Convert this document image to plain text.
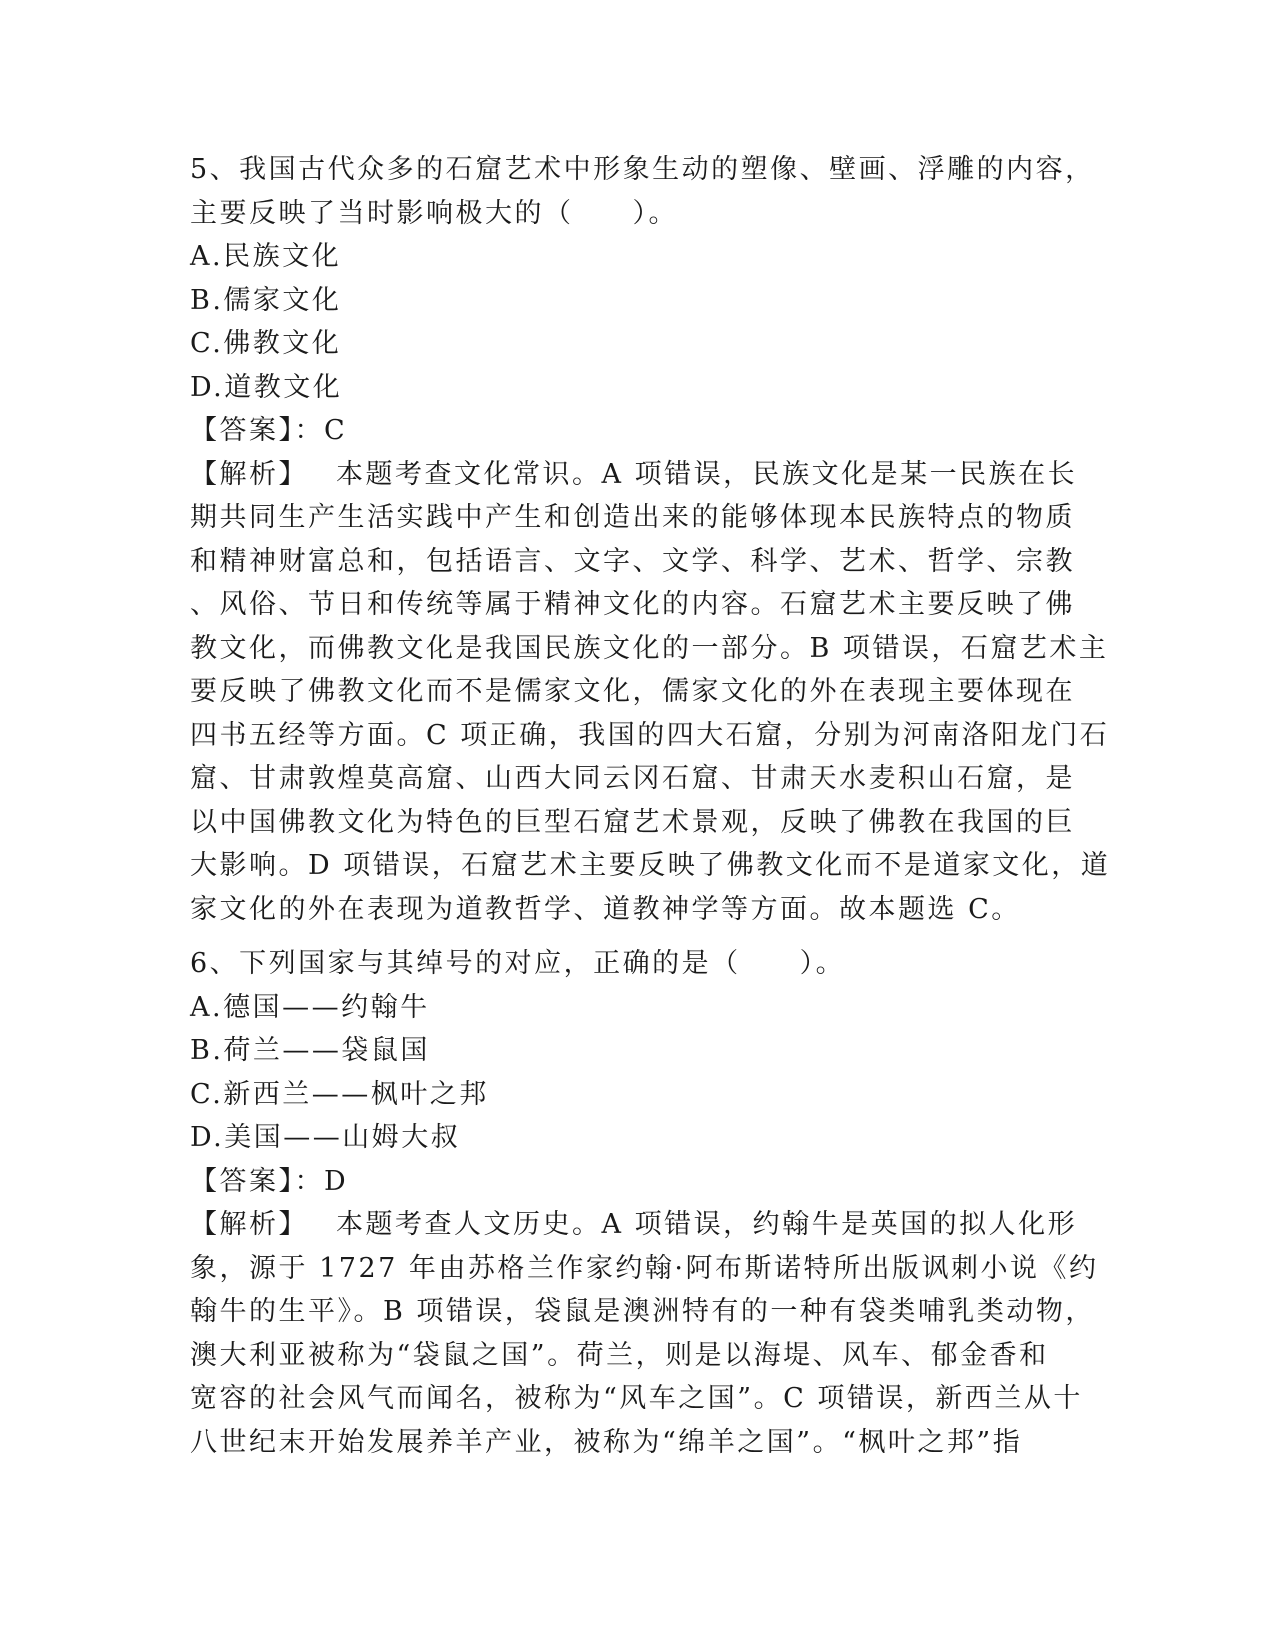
5、我国古代众多的石窟艺术中形象生动的塑像、壁画、浮雕的内容，
主要反映了当时影响极大的（　　）。
A.民族文化
B.儒家文化
C.佛教文化
D.道教文化
【答案】：C
【解析】 本题考查文化常识。A 项错误，民族文化是某一民族在长
期共同生产生活实践中产生和创造出来的能够体现本民族特点的物质
和精神财富总和，包括语言、文字、文学、科学、艺术、哲学、宗教
、风俗、节日和传统等属于精神文化的内容。石窟艺术主要反映了佛
教文化，而佛教文化是我国民族文化的一部分。B 项错误，石窟艺术主
要反映了佛教文化而不是儒家文化，儒家文化的外在表现主要体现在
四书五经等方面。C 项正确，我国的四大石窟，分别为河南洛阳龙门石
窟、甘肃敦煌莫高窟、山西大同云冈石窟、甘肃天水麦积山石窟，是
以中国佛教文化为特色的巨型石窟艺术景观，反映了佛教在我国的巨
大影响。D 项错误，石窟艺术主要反映了佛教文化而不是道家文化，道
家文化的外在表现为道教哲学、道教神学等方面。故本题选 C。
6、下列国家与其绰号的对应，正确的是（　　）。
A.德国——约翰牛
B.荷兰——袋鼠国
C.新西兰——枫叶之邦
D.美国——山姆大叔
【答案】：D
【解析】 本题考查人文历史。A 项错误，约翰牛是英国的拟人化形
象，源于 1727 年由苏格兰作家约翰·阿布斯诺特所出版讽刺小说《约
翰牛的生平》。B 项错误，袋鼠是澳洲特有的一种有袋类哺乳类动物，
澳大利亚被称为“袋鼠之国”。荷兰，则是以海堤、风车、郁金香和
宽容的社会风气而闻名，被称为“风车之国”。C 项错误，新西兰从十
八世纪末开始发展养羊产业，被称为“绵羊之国”。“枫叶之邦”指
